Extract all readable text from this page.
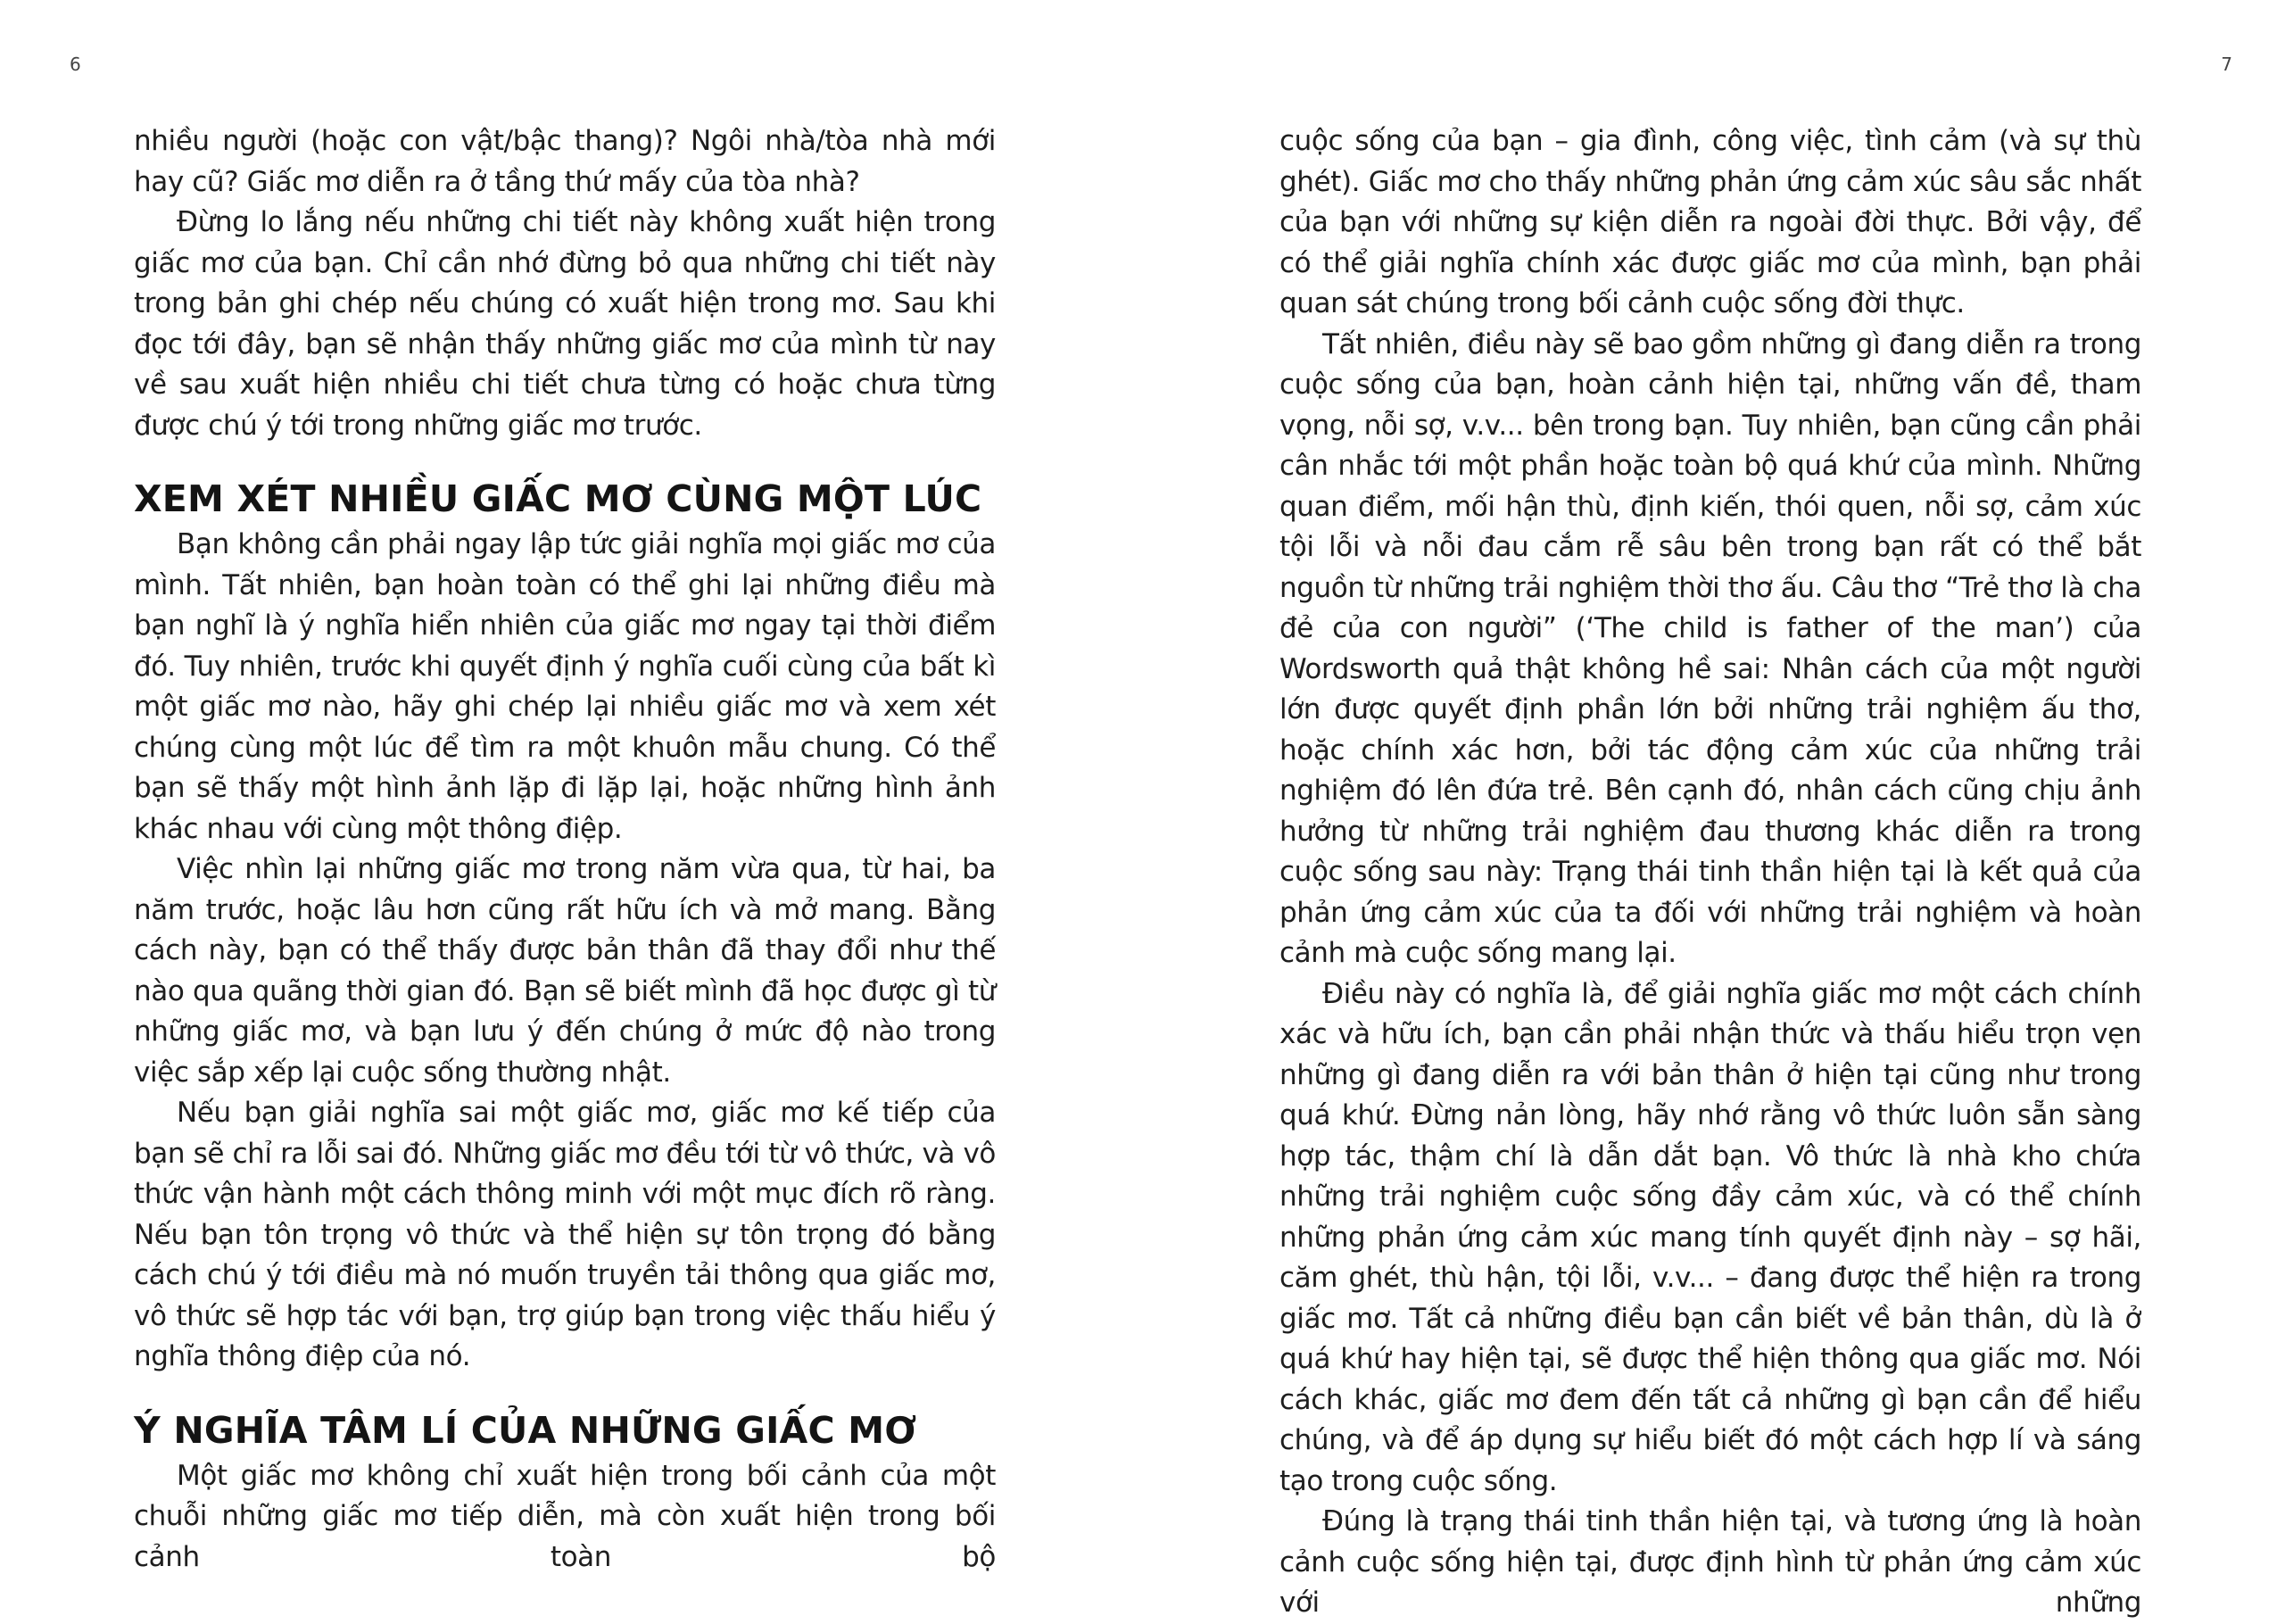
6

nhiều người (hoặc con vật/bậc thang)? Ngôi nhà/tòa nhà mới hay cũ? Giấc mơ diễn ra ở tầng thứ mấy của tòa nhà?

Đừng lo lắng nếu những chi tiết này không xuất hiện trong giấc mơ của bạn. Chỉ cần nhớ đừng bỏ qua những chi tiết này trong bản ghi chép nếu chúng có xuất hiện trong mơ. Sau khi đọc tới đây, bạn sẽ nhận thấy những giấc mơ của mình từ nay về sau xuất hiện nhiều chi tiết chưa từng có hoặc chưa từng được chú ý tới trong những giấc mơ trước.

XEM XÉT NHIỀU GIẤC MƠ CÙNG MỘT LÚC

Bạn không cần phải ngay lập tức giải nghĩa mọi giấc mơ của mình. Tất nhiên, bạn hoàn toàn có thể ghi lại những điều mà bạn nghĩ là ý nghĩa hiển nhiên của giấc mơ ngay tại thời điểm đó. Tuy nhiên, trước khi quyết định ý nghĩa cuối cùng của bất kì một giấc mơ nào, hãy ghi chép lại nhiều giấc mơ và xem xét chúng cùng một lúc để tìm ra một khuôn mẫu chung. Có thể bạn sẽ thấy một hình ảnh lặp đi lặp lại, hoặc những hình ảnh khác nhau với cùng một thông điệp.

Việc nhìn lại những giấc mơ trong năm vừa qua, từ hai, ba năm trước, hoặc lâu hơn cũng rất hữu ích và mở mang. Bằng cách này, bạn có thể thấy được bản thân đã thay đổi như thế nào qua quãng thời gian đó. Bạn sẽ biết mình đã học được gì từ những giấc mơ, và bạn lưu ý đến chúng ở mức độ nào trong việc sắp xếp lại cuộc sống thường nhật.

Nếu bạn giải nghĩa sai một giấc mơ, giấc mơ kế tiếp của bạn sẽ chỉ ra lỗi sai đó. Những giấc mơ đều tới từ vô thức, và vô thức vận hành một cách thông minh với một mục đích rõ ràng. Nếu bạn tôn trọng vô thức và thể hiện sự tôn trọng đó bằng cách chú ý tới điều mà nó muốn truyền tải thông qua giấc mơ, vô thức sẽ hợp tác với bạn, trợ giúp bạn trong việc thấu hiểu ý nghĩa thông điệp của nó.

Ý NGHĨA TÂM LÍ CỦA NHỮNG GIẤC MƠ

Một giấc mơ không chỉ xuất hiện trong bối cảnh của một chuỗi những giấc mơ tiếp diễn, mà còn xuất hiện trong bối cảnh toàn bộ

7

cuộc sống của bạn – gia đình, công việc, tình cảm (và sự thù ghét). Giấc mơ cho thấy những phản ứng cảm xúc sâu sắc nhất của bạn với những sự kiện diễn ra ngoài đời thực. Bởi vậy, để có thể giải nghĩa chính xác được giấc mơ của mình, bạn phải quan sát chúng trong bối cảnh cuộc sống đời thực.

Tất nhiên, điều này sẽ bao gồm những gì đang diễn ra trong cuộc sống của bạn, hoàn cảnh hiện tại, những vấn đề, tham vọng, nỗi sợ, v.v... bên trong bạn. Tuy nhiên, bạn cũng cần phải cân nhắc tới một phần hoặc toàn bộ quá khứ của mình. Những quan điểm, mối hận thù, định kiến, thói quen, nỗi sợ, cảm xúc tội lỗi và nỗi đau cắm rễ sâu bên trong bạn rất có thể bắt nguồn từ những trải nghiệm thời thơ ấu. Câu thơ “Trẻ thơ là cha đẻ của con người” (‘The child is father of the man’) của Wordsworth quả thật không hề sai: Nhân cách của một người lớn được quyết định phần lớn bởi những trải nghiệm ấu thơ, hoặc chính xác hơn, bởi tác động cảm xúc của những trải nghiệm đó lên đứa trẻ. Bên cạnh đó, nhân cách cũng chịu ảnh hưởng từ những trải nghiệm đau thương khác diễn ra trong cuộc sống sau này: Trạng thái tinh thần hiện tại là kết quả của phản ứng cảm xúc của ta đối với những trải nghiệm và hoàn cảnh mà cuộc sống mang lại.

Điều này có nghĩa là, để giải nghĩa giấc mơ một cách chính xác và hữu ích, bạn cần phải nhận thức và thấu hiểu trọn vẹn những gì đang diễn ra với bản thân ở hiện tại cũng như trong quá khứ. Đừng nản lòng, hãy nhớ rằng vô thức luôn sẵn sàng hợp tác, thậm chí là dẫn dắt bạn. Vô thức là nhà kho chứa những trải nghiệm cuộc sống đầy cảm xúc, và có thể chính những phản ứng cảm xúc mang tính quyết định này – sợ hãi, căm ghét, thù hận, tội lỗi, v.v... – đang được thể hiện ra trong giấc mơ. Tất cả những điều bạn cần biết về bản thân, dù là ở quá khứ hay hiện tại, sẽ được thể hiện thông qua giấc mơ. Nói cách khác, giấc mơ đem đến tất cả những gì bạn cần để hiểu chúng, và để áp dụng sự hiểu biết đó một cách hợp lí và sáng tạo trong cuộc sống.

Đúng là trạng thái tinh thần hiện tại, và tương ứng là hoàn cảnh cuộc sống hiện tại, được định hình từ phản ứng cảm xúc với những
